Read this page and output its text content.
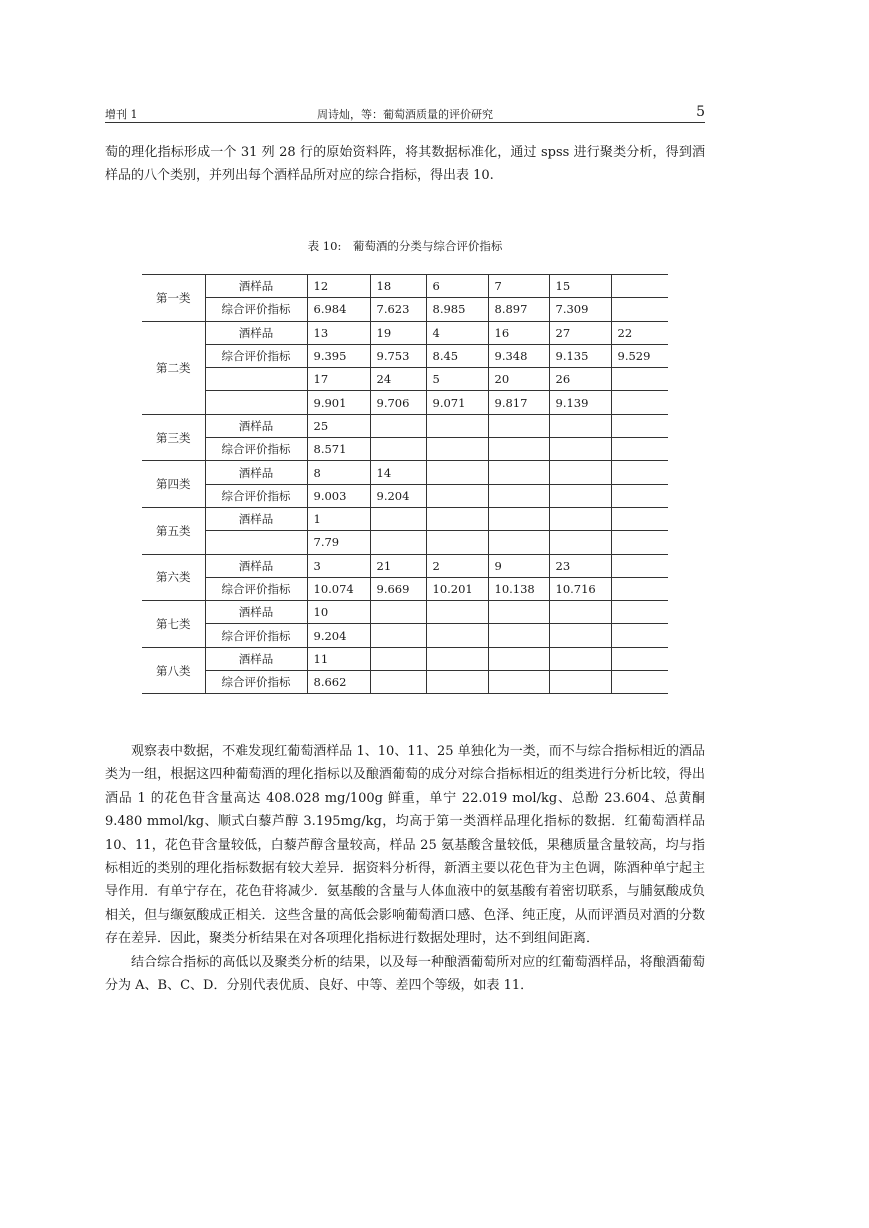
增刊 1	周诗灿，等：葡萄酒质量的评价研究	5
萄的理化指标形成一个 31 列 28 行的原始资料阵，将其数据标准化，通过 spss 进行聚类分析，得到酒样品的八个类别，并列出每个酒样品所对应的综合指标，得出表 10.
表 10:　葡萄酒的分类与综合评价指标
第一类	酒样品	12	18	6	7	15	
	综合评价指标	6.984	7.623	8.985	8.897	7.309	
第二类	酒样品	13	19	4	16	27	22
	综合评价指标	9.395	9.753	8.45	9.348	9.135	9.529
		17	24	5	20	26	
		9.901	9.706	9.071	9.817	9.139	
第三类	酒样品	25					
	综合评价指标	8.571					
第四类	酒样品	8	14				
	综合评价指标	9.003	9.204				
第五类	酒样品	1					
		7.79					
第六类	酒样品	3	21	2	9	23	
	综合评价指标	10.074	9.669	10.201	10.138	10.716	
第七类	酒样品	10					
	综合评价指标	9.204					
第八类	酒样品	11					
	综合评价指标	8.662					
观察表中数据，不难发现红葡萄酒样品 1、10、11、25 单独化为一类，而不与综合指标相近的酒品类为一组，根据这四种葡萄酒的理化指标以及酿酒葡萄的成分对综合指标相近的组类进行分析比较，得出酒品 1 的花色苷含量高达 408.028 mg/100g 鲜重，单宁 22.019 mol/kg、总酚 23.604、总黄酮 9.480 mmol/kg、顺式白藜芦醇 3.195mg/kg，均高于第一类酒样品理化指标的数据．红葡萄酒样品 10、11，花色苷含量较低，白藜芦醇含量较高，样品 25 氨基酸含量较低，果穗质量含量较高，均与指标相近的类别的理化指标数据有较大差异．据资料分析得，新酒主要以花色苷为主色调，陈酒种单宁起主导作用．有单宁存在，花色苷将减少．氨基酸的含量与人体血液中的氨基酸有着密切联系，与脯氨酸成负相关，但与缬氨酸成正相关．这些含量的高低会影响葡萄酒口感、色泽、纯正度，从而评酒员对酒的分数存在差异．因此，聚类分析结果在对各项理化指标进行数据处理时，达不到组间距离．
结合综合指标的高低以及聚类分析的结果，以及每一种酿酒葡萄所对应的红葡萄酒样品，将酿酒葡萄分为 A、B、C、D．分别代表优质、良好、中等、差四个等级，如表 11．
